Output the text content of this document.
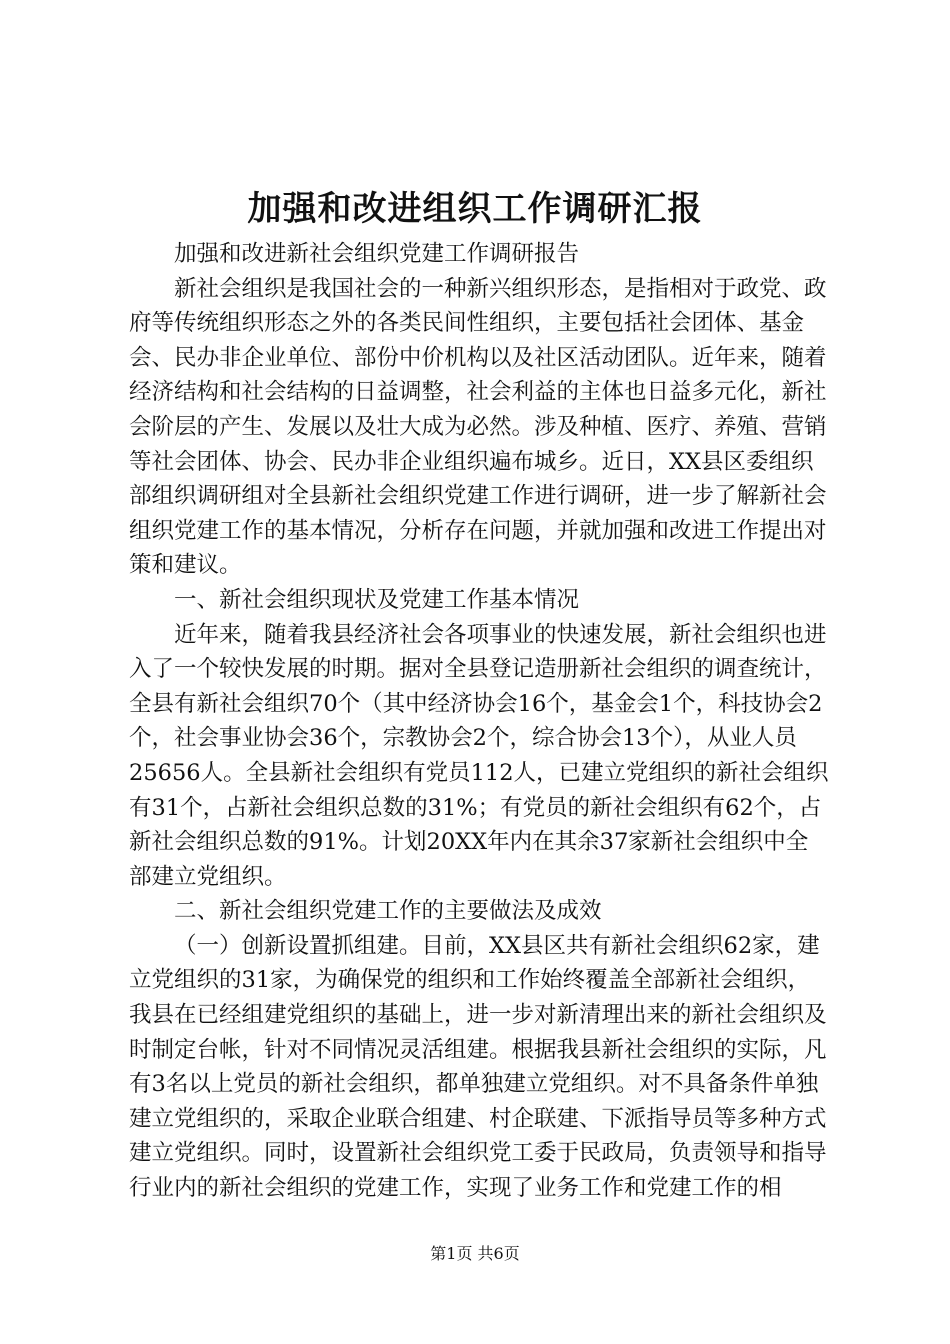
加强和改进组织工作调研汇报

加强和改进新社会组织党建工作调研报告

新社会组织是我国社会的一种新兴组织形态，是指相对于政党、政府等传统组织形态之外的各类民间性组织，主要包括社会团体、基金会、民办非企业单位、部份中价机构以及社区活动团队。近年来，随着经济结构和社会结构的日益调整，社会利益的主体也日益多元化，新社会阶层的产生、发展以及壮大成为必然。涉及种植、医疗、养殖、营销等社会团体、协会、民办非企业组织遍布城乡。近日，XX县区委组织部组织调研组对全县新社会组织党建工作进行调研，进一步了解新社会组织党建工作的基本情况，分析存在问题，并就加强和改进工作提出对策和建议。

一、新社会组织现状及党建工作基本情况

近年来，随着我县经济社会各项事业的快速发展，新社会组织也进入了一个较快发展的时期。据对全县登记造册新社会组织的调查统计，全县有新社会组织70个（其中经济协会16个，基金会1个，科技协会2个，社会事业协会36个，宗教协会2个，综合协会13个），从业人员25656人。全县新社会组织有党员112人，已建立党组织的新社会组织有31个，占新社会组织总数的31%；有党员的新社会组织有62个，占新社会组织总数的91%。计划20XX年内在其余37家新社会组织中全部建立党组织。

二、新社会组织党建工作的主要做法及成效

（一）创新设置抓组建。目前，XX县区共有新社会组织62家，建立党组织的31家，为确保党的组织和工作始终覆盖全部新社会组织，我县在已经组建党组织的基础上，进一步对新清理出来的新社会组织及时制定台帐，针对不同情况灵活组建。根据我县新社会组织的实际，凡有3名以上党员的新社会组织，都单独建立党组织。对不具备条件单独建立党组织的，采取企业联合组建、村企联建、下派指导员等多种方式建立党组织。同时，设置新社会组织党工委于民政局，负责领导和指导行业内的新社会组织的党建工作，实现了业务工作和党建工作的相

第1页 共6页
